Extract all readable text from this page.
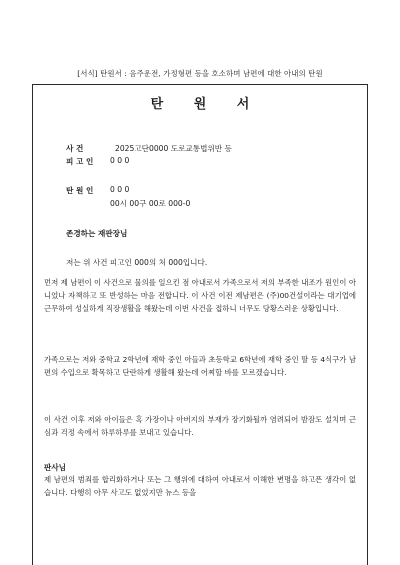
[서식] 탄원서 : 음주운전, 가정형편 등을 호소하며 남편에 대한 아내의 탄원
탄 원 서
사 건	2025고단0000 도로교통법위반 등
피 고 인 0 0 0
탄 원 인 0 0 0
00시 00구 00로 000-0
존경하는 재판장님
저는 위 사건 피고인 000의 처 000입니다.

먼저 제 남편이 이 사건으로 물의를 일으킨 점 아내로서 가족으로서 저의 부족한 내조가 원인이 아니었나 자책하고 또 반성하는 마음 전합니다. 이 사건 이전 제남편은 (주)00건설이라는 대기업에 근무하여 성실하게 직장생활을 해왔는데 이번 사건을 접하니 너무도 당황스러운 상황입니다.

가족으로는 저와 중학교 2학년에 재학 중인 아들과 초등학교 6학년에 재학 중인 딸 등 4식구가 남편의 수입으로 확목하고 단란하게 생활해 왔는데 어찌할 바를 모르겠습니다.

이 사건 이후 저와 아이들은 혹 가장이나 아버지의 부재가 장기화될까 염려되어 밤잠도 설치며 근심과 걱정 속에서 하루하루를 보내고 있습니다.

판사님

제 남편의 범죄를 합리화하거나 또는 그 행위에 대하여 아내로서 이해한 변명을 하고픈 생각이 없습니다. 다행히 아무 사고도 없었지만 뉴스 등을
